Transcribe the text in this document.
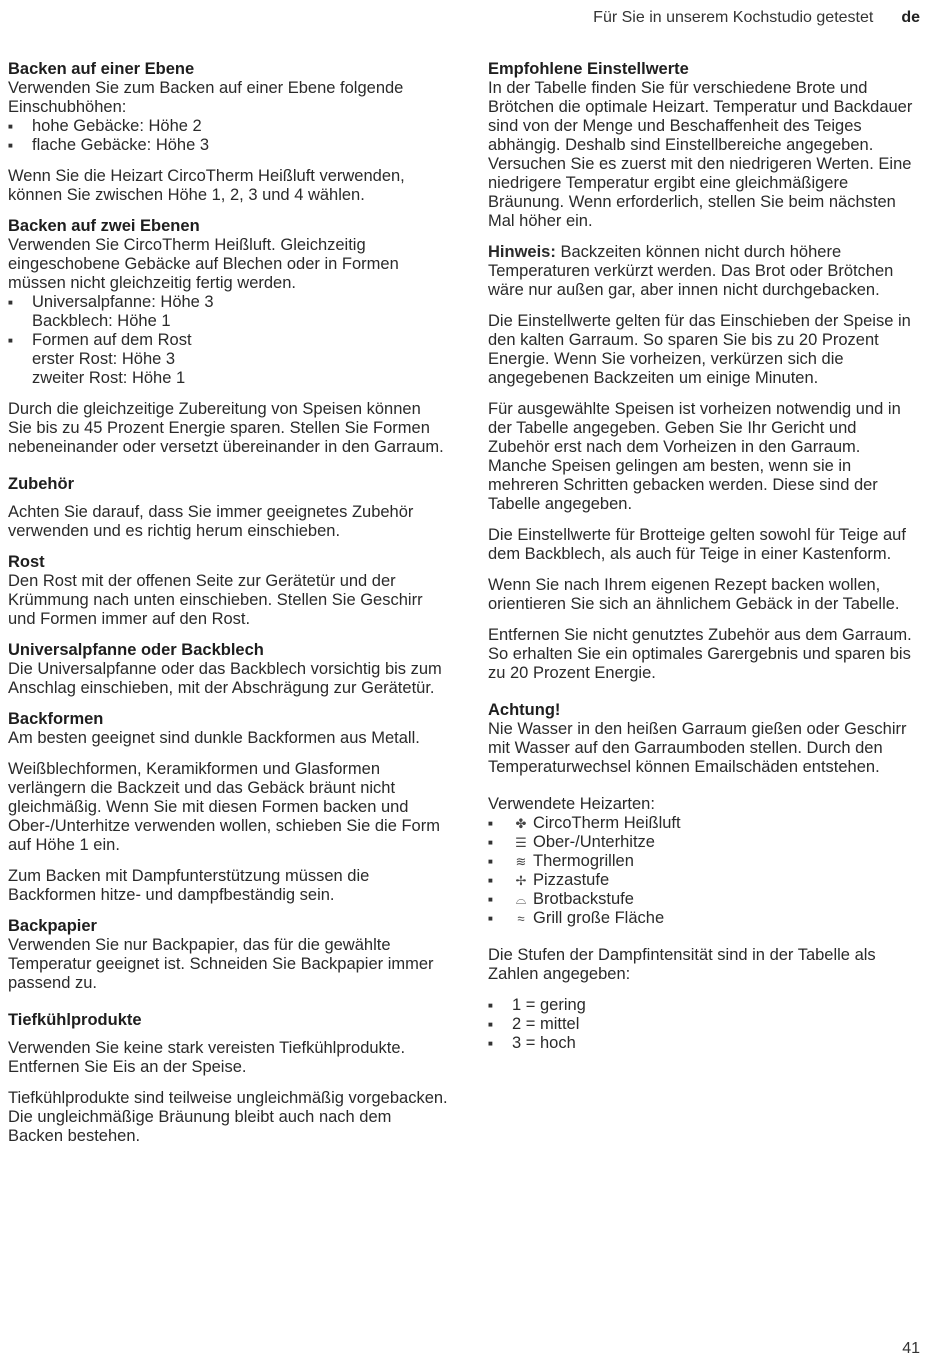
Für Sie in unserem Kochstudio getestet de
Backen auf einer Ebene

Verwenden Sie zum Backen auf einer Ebene folgende Einschubhöhen:

■ hohe Gebäcke: Höhe 2
■ flache Gebäcke: Höhe 3

Wenn Sie die Heizart CircoTherm Heißluft verwenden, können Sie zwischen Höhe 1, 2, 3 und 4 wählen.

Backen auf zwei Ebenen

Verwenden Sie CircoTherm Heißluft. Gleichzeitig eingeschobene Gebäcke auf Blechen oder in Formen müssen nicht gleichzeitig fertig werden.

■ Universalpfanne: Höhe 3
Backblech: Höhe 1
■ Formen auf dem Rost
erster Rost: Höhe 3
zweiter Rost: Höhe 1

Durch die gleichzeitige Zubereitung von Speisen können Sie bis zu 45 Prozent Energie sparen. Stellen Sie Formen nebeneinander oder versetzt übereinander in den Garraum.

Zubehör

Achten Sie darauf, dass Sie immer geeignetes Zubehör verwenden und es richtig herum einschieben.

Rost

Den Rost mit der offenen Seite zur Gerätetür und der Krümmung nach unten einschieben. Stellen Sie Geschirr und Formen immer auf den Rost.

Universalpfanne oder Backblech

Die Universalpfanne oder das Backblech vorsichtig bis zum Anschlag einschieben, mit der Abschrägung zur Gerätetür.

Backformen

Am besten geeignet sind dunkle Backformen aus Metall.

Weißblechformen, Keramikformen und Glasformen verlängern die Backzeit und das Gebäck bräunt nicht gleichmäßig. Wenn Sie mit diesen Formen backen und Ober-/Unterhitze verwenden wollen, schieben Sie die Form auf Höhe 1 ein.

Zum Backen mit Dampfunterstützung müssen die Backformen hitze- und dampfbeständig sein.

Backpapier

Verwenden Sie nur Backpapier, das für die gewählte Temperatur geeignet ist. Schneiden Sie Backpapier immer passend zu.

Tiefkühlprodukte

Verwenden Sie keine stark vereisten Tiefkühlprodukte. Entfernen Sie Eis an der Speise.

Tiefkühlprodukte sind teilweise ungleichmäßig vorgebacken. Die ungleichmäßige Bräunung bleibt auch nach dem Backen bestehen.

Empfohlene Einstellwerte

In der Tabelle finden Sie für verschiedene Brote und Brötchen die optimale Heizart. Temperatur und Backdauer sind von der Menge und Beschaffenheit des Teiges abhängig. Deshalb sind Einstellbereiche angegeben. Versuchen Sie es zuerst mit den niedrigeren Werten. Eine niedrigere Temperatur ergibt eine gleichmäßigere Bräunung. Wenn erforderlich, stellen Sie beim nächsten Mal höher ein.

Hinweis: Backzeiten können nicht durch höhere Temperaturen verkürzt werden. Das Brot oder Brötchen wäre nur außen gar, aber innen nicht durchgebacken.

Die Einstellwerte gelten für das Einschieben der Speise in den kalten Garraum. So sparen Sie bis zu 20 Prozent Energie. Wenn Sie vorheizen, verkürzen sich die angegebenen Backzeiten um einige Minuten.

Für ausgewählte Speisen ist vorheizen notwendig und in der Tabelle angegeben. Geben Sie Ihr Gericht und Zubehör erst nach dem Vorheizen in den Garraum. Manche Speisen gelingen am besten, wenn sie in mehreren Schritten gebacken werden. Diese sind der Tabelle angegeben.

Die Einstellwerte für Brotteige gelten sowohl für Teige auf dem Backblech, als auch für Teige in einer Kastenform.

Wenn Sie nach Ihrem eigenen Rezept backen wollen, orientieren Sie sich an ähnlichem Gebäck in der Tabelle.

Entfernen Sie nicht genutztes Zubehör aus dem Garraum. So erhalten Sie ein optimales Garergebnis und sparen bis zu 20 Prozent Energie.

Achtung!

Nie Wasser in den heißen Garraum gießen oder Geschirr mit Wasser auf den Garraumboden stellen. Durch den Temperaturwechsel können Emailschäden entstehen.

Verwendete Heizarten:

■ ✤ CircoTherm Heißluft
■ ☰ Ober-/Unterhitze
■ ≋ Thermogrillen
■ ✢ Pizzastufe
■ ⌓ Brotbackstufe
■ ≈ Grill große Fläche

Die Stufen der Dampfintensität sind in der Tabelle als Zahlen angegeben:

■ 1 = gering
■ 2 = mittel
■ 3 = hoch
41
